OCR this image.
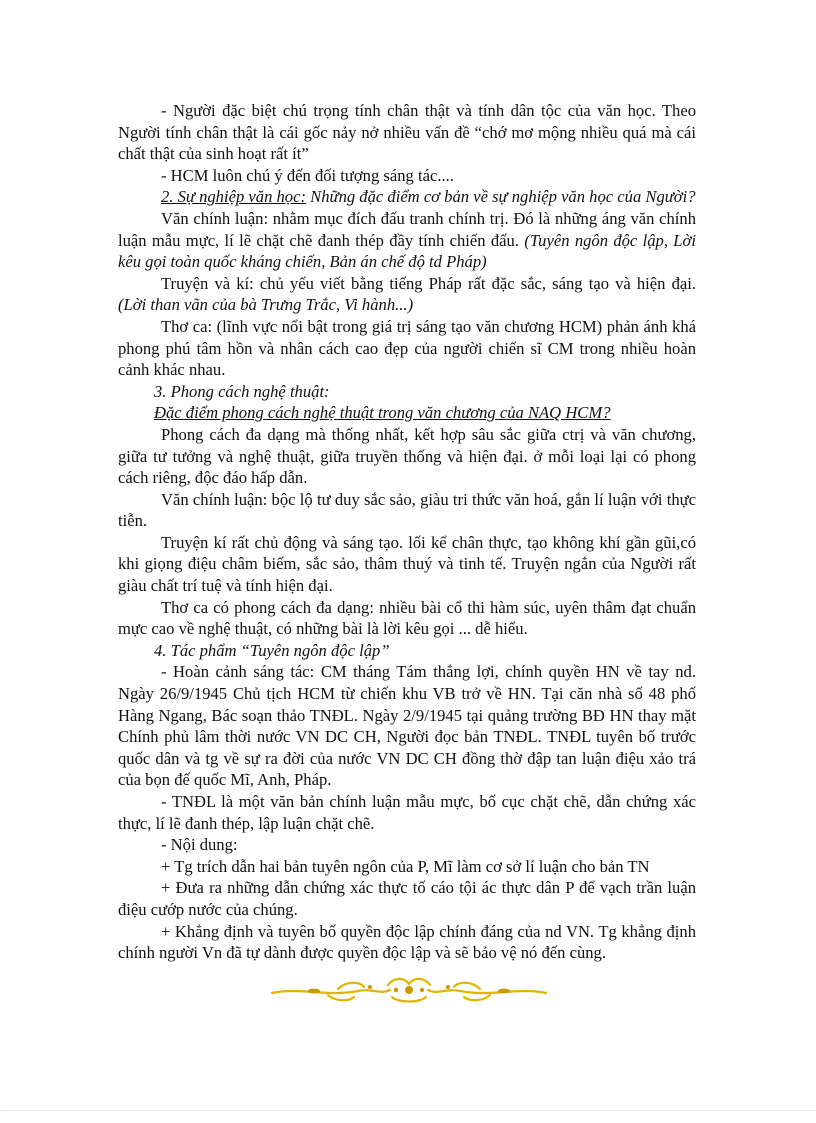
- Người đặc biệt chú trọng tính chân thật và tính dân tộc của văn học. Theo Người tính chân thật là cái gốc nảy nở nhiều vấn đề “chớ mơ mộng nhiều quá mà cái chất thật của sinh hoạt rất ít”

- HCM luôn chú ý đến đối tượng sáng tác....

2. Sự nghiệp văn học: Những đặc điểm cơ bản về sự nghiệp văn học của Người?

Văn chính luận: nhằm mục đích đấu tranh chính trị. Đó là những áng văn chính luận mẫu mực, lí lẽ chặt chẽ đanh thép đầy tính chiến đấu. (Tuyên ngôn độc lập, Lời kêu gọi toàn quốc kháng chiến, Bản án chế độ td Pháp)

Truyện và kí: chủ yếu viết bằng tiếng Pháp rất đặc sắc, sáng tạo và hiện đại. (Lời than vãn của bà Trưng Trắc, Vi hành...)

Thơ ca: (lĩnh vực nổi bật trong giá trị sáng tạo văn chương HCM) phản ánh khá phong phú tâm hồn và nhân cách cao đẹp của người chiến sĩ CM trong nhiều hoàn cảnh khác nhau.

3. Phong cách nghệ thuật:

Đặc điểm phong cách nghệ thuật trong văn chương của NAQ HCM?

Phong cách đa dạng mà thống nhất, kết hợp sâu sắc giữa ctrị và văn chương, giữa tư tưởng và nghệ thuật, giữa truyền thống và hiện đại. ở mỗi loại lại có phong cách riêng, độc đáo hấp dẫn.

Văn chính luận: bộc lộ tư duy sắc sảo, giàu tri thức văn hoá, gắn lí luận với thực tiễn.

Truyện kí rất chủ động và sáng tạo. lối kể chân thực, tạo không khí gần gũi,có khi giọng điệu châm biếm, sắc sảo, thâm thuý và tinh tế. Truyện ngắn của Người rất giàu chất trí tuệ và tính hiện đại.

Thơ ca có phong cách đa dạng: nhiều bài cổ thi hàm súc, uyên thâm đạt chuẩn mực cao về nghệ thuật, có những bài là lời kêu gọi ... dễ hiểu.

4. Tác phẩm “Tuyên ngôn độc lập”

- Hoàn cảnh sáng tác: CM tháng Tám thắng lợi, chính quyền HN về tay nd. Ngày 26/9/1945 Chủ tịch HCM từ chiến khu VB trở về HN. Tại căn nhà số 48 phố Hàng Ngang, Bác soạn thảo TNĐL. Ngày 2/9/1945 tại quảng trường BĐ HN thay mặt Chính phủ lâm thời nước VN DC CH, Người đọc bản TNĐL. TNĐL tuyên bố trước quốc dân và tg về sự ra đời của nước VN DC CH đồng thờ đập tan luận điệu xảo trá của bọn đế quốc Mĩ, Anh, Pháp.

- TNĐL là một văn bản chính luận mẫu mực, bố cục chặt chẽ, dẫn chứng xác thực, lí lẽ đanh thép, lập luận chặt chẽ.

- Nội dung:

+ Tg trích dẫn hai bản tuyên ngôn của P, Mĩ làm cơ sở lí luận cho bản TN

+ Đưa ra những dẫn chứng xác thực tố cáo tội ác thực dân P để vạch trần luận điệu cướp nước của chúng.

+ Khẳng định và tuyên bố quyền độc lập chính đáng của nd VN. Tg khẳng định chính người Vn đã tự dành được quyền độc lập và sẽ bảo vệ nó đến cùng.
